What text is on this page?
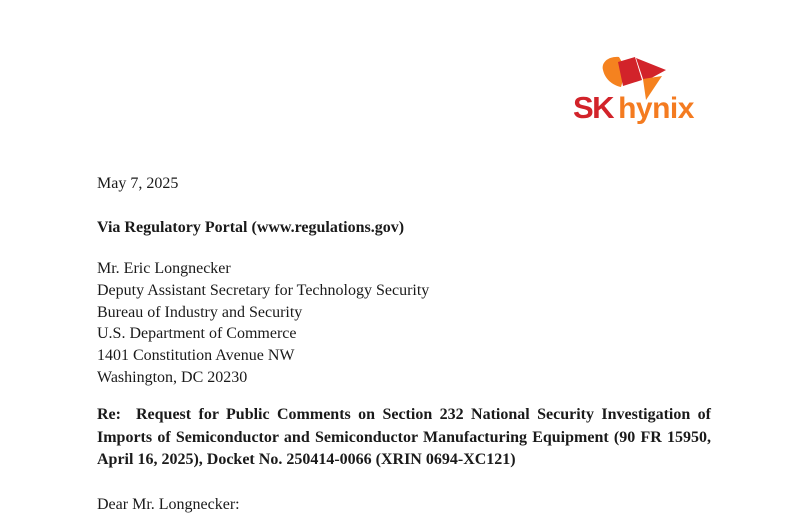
SK hynix
May 7, 2025
Via Regulatory Portal (www.regulations.gov)
Mr. Eric Longnecker
Deputy Assistant Secretary for Technology Security
Bureau of Industry and Security
U.S. Department of Commerce
1401 Constitution Avenue NW
Washington, DC 20230

Re: Request for Public Comments on Section 232 National Security Investigation of Imports of Semiconductor and Semiconductor Manufacturing Equipment (90 FR 15950, April 16, 2025), Docket No. 250414-0066 (XRIN 0694-XC121)

Dear Mr. Longnecker:
